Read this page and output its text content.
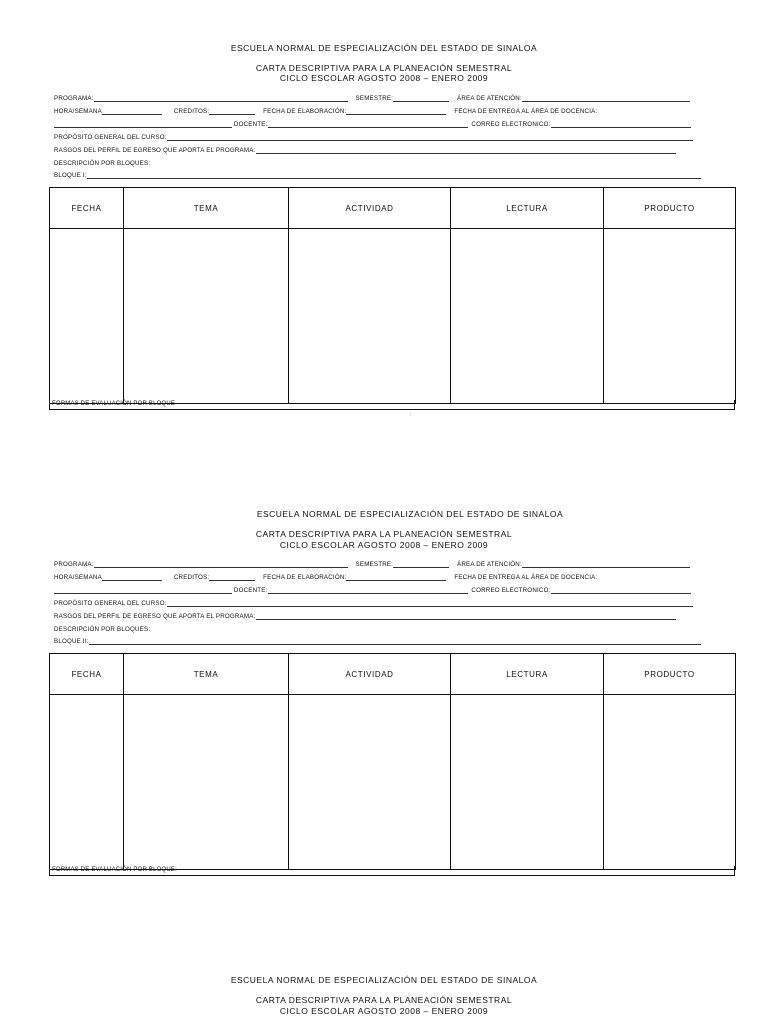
ESCUELA NORMAL DE ESPECIALIZACIÓN DEL ESTADO DE SINALOA
CARTA DESCRIPTIVA PARA LA PLANEACIÓN SEMESTRAL
CICLO ESCOLAR AGOSTO 2008 – ENERO 2009
PROGRAMA:	SEMESTRE:	ÁREA DE ATENCIÓN:
HORA/SEMANA	CREDITOS:	FECHA DE ELABORACIÓN:	FECHA DE ENTREGA AL ÁREA DE DOCENCIA:
DOCENTE:	CORREO ELECTRONICO:
PROPÓSITO GENERAL DEL CURSO:
RASGOS DEL PERFIL DE EGRESO QUE APORTA EL PROGRAMA:
DESCRIPCIÓN POR BLOQUES:
BLOQUE I:
FECHA	TEMA	ACTIVIDAD	LECTURA	PRODUCTO

FORMAS DE EVALUACIÓN POR BLOQUE
:
ESCUELA NORMAL DE ESPECIALIZACIÓN DEL ESTADO DE SINALOA
CARTA DESCRIPTIVA PARA LA PLANEACIÓN SEMESTRAL
CICLO ESCOLAR AGOSTO 2008 – ENERO 2009
PROGRAMA:	SEMESTRE:	ÁREA DE ATENCIÓN:
HORA/SEMANA	CREDITOS:	FECHA DE ELABORACIÓN:	FECHA DE ENTREGA AL ÁREA DE DOCENCIA:
DOCENTE:	CORREO ELECTRONICO:
PROPÓSITO GENERAL DEL CURSO:
RASGOS DEL PERFIL DE EGRESO QUE APORTA EL PROGRAMA:
DESCRIPCIÓN POR BLOQUES:
BLOQUE II:
FECHA	TEMA	ACTIVIDAD	LECTURA	PRODUCTO

FORMAS DE EVALUACIÓN POR BLOQUE:
ESCUELA NORMAL DE ESPECIALIZACIÓN DEL ESTADO DE SINALOA
CARTA DESCRIPTIVA PARA LA PLANEACIÓN SEMESTRAL
CICLO ESCOLAR AGOSTO 2008 – ENERO 2009
